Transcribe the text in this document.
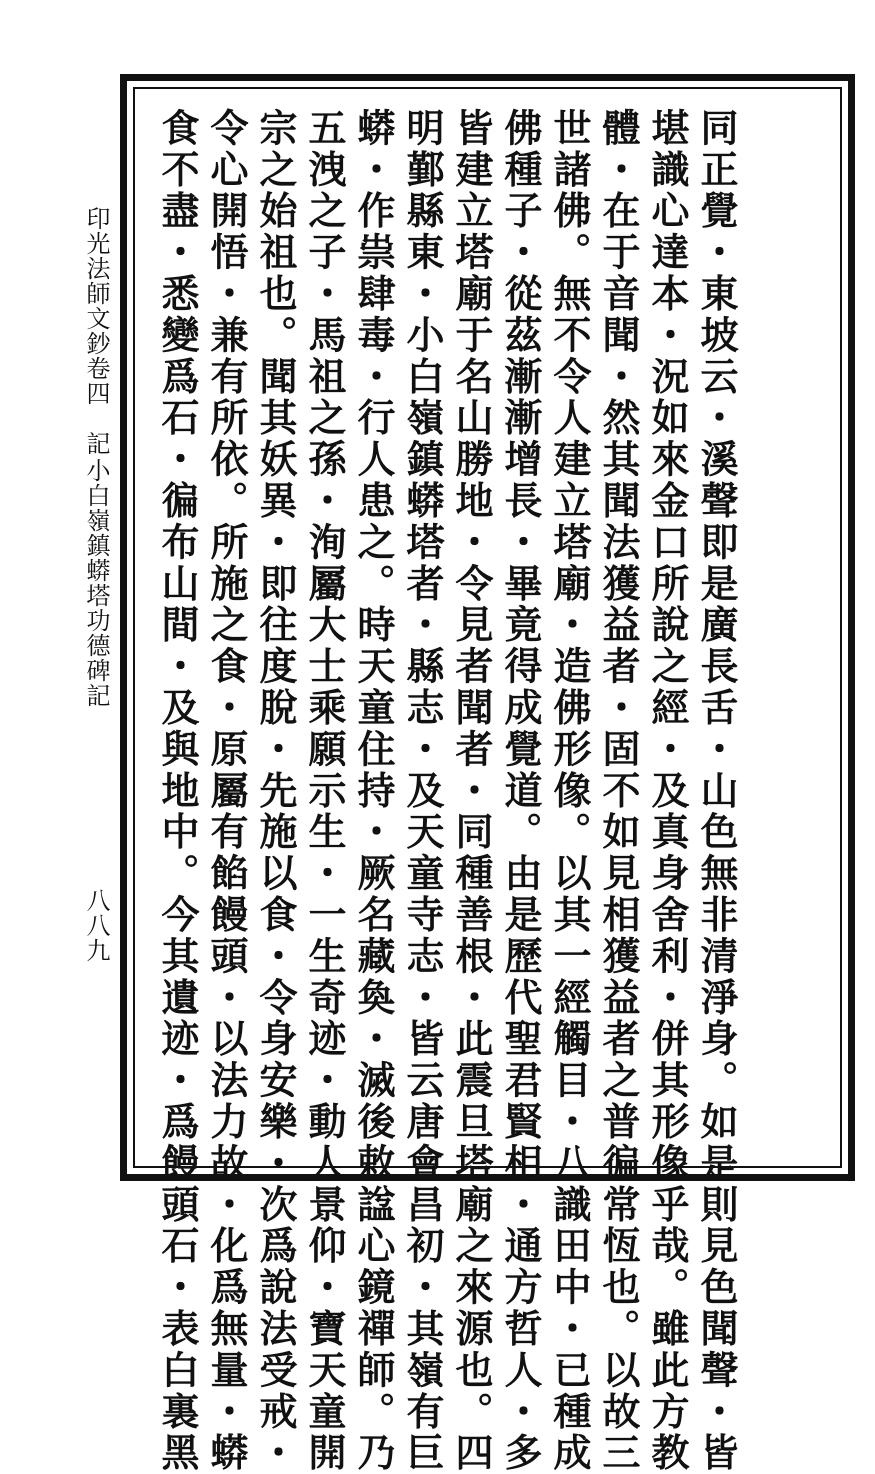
印光法師文鈔卷四　記
小白嶺鎮蟒塔功德碑記
八八九	同正覺・東坡云・溪聲即是廣長舌・山色無非清淨身。如是則見色聞聲・皆
堪識心達本・況如來金口所說之經・及真身舍利・併其形像乎哉。雖此方教
體・在于音聞・然其聞法獲益者・固不如見相獲益者之普徧常恆也。以故三
世諸佛。無不令人建立塔廟・造佛形像。以其一經觸目・八識田中・已種成
佛種子・從茲漸漸增長・畢竟得成覺道。由是歷代聖君賢相・通方哲人・多
皆建立塔廟于名山勝地・令見者聞者・同種善根・此震旦塔廟之來源也。四
明鄞縣東・小白嶺鎮蟒塔者・縣志・及天童寺志・皆云唐會昌初・其嶺有巨
蟒・作祟肆毒・行人患之。時天童住持・厥名藏奐・滅後敕諡心鏡禪師。乃
五洩之子・馬祖之孫・洵屬大士乘願示生・一生奇迹・動人景仰・寶天童開
宗之始祖也。聞其妖異・即往度脫・先施以食・令身安樂・次爲說法受戒・
令心開悟・兼有所依。所施之食・原屬有餡饅頭・以法力故・化爲無量・蟒
食不盡・悉變爲石・徧布山間・及與地中。今其遺迹・爲饅頭石・表白裏黑
